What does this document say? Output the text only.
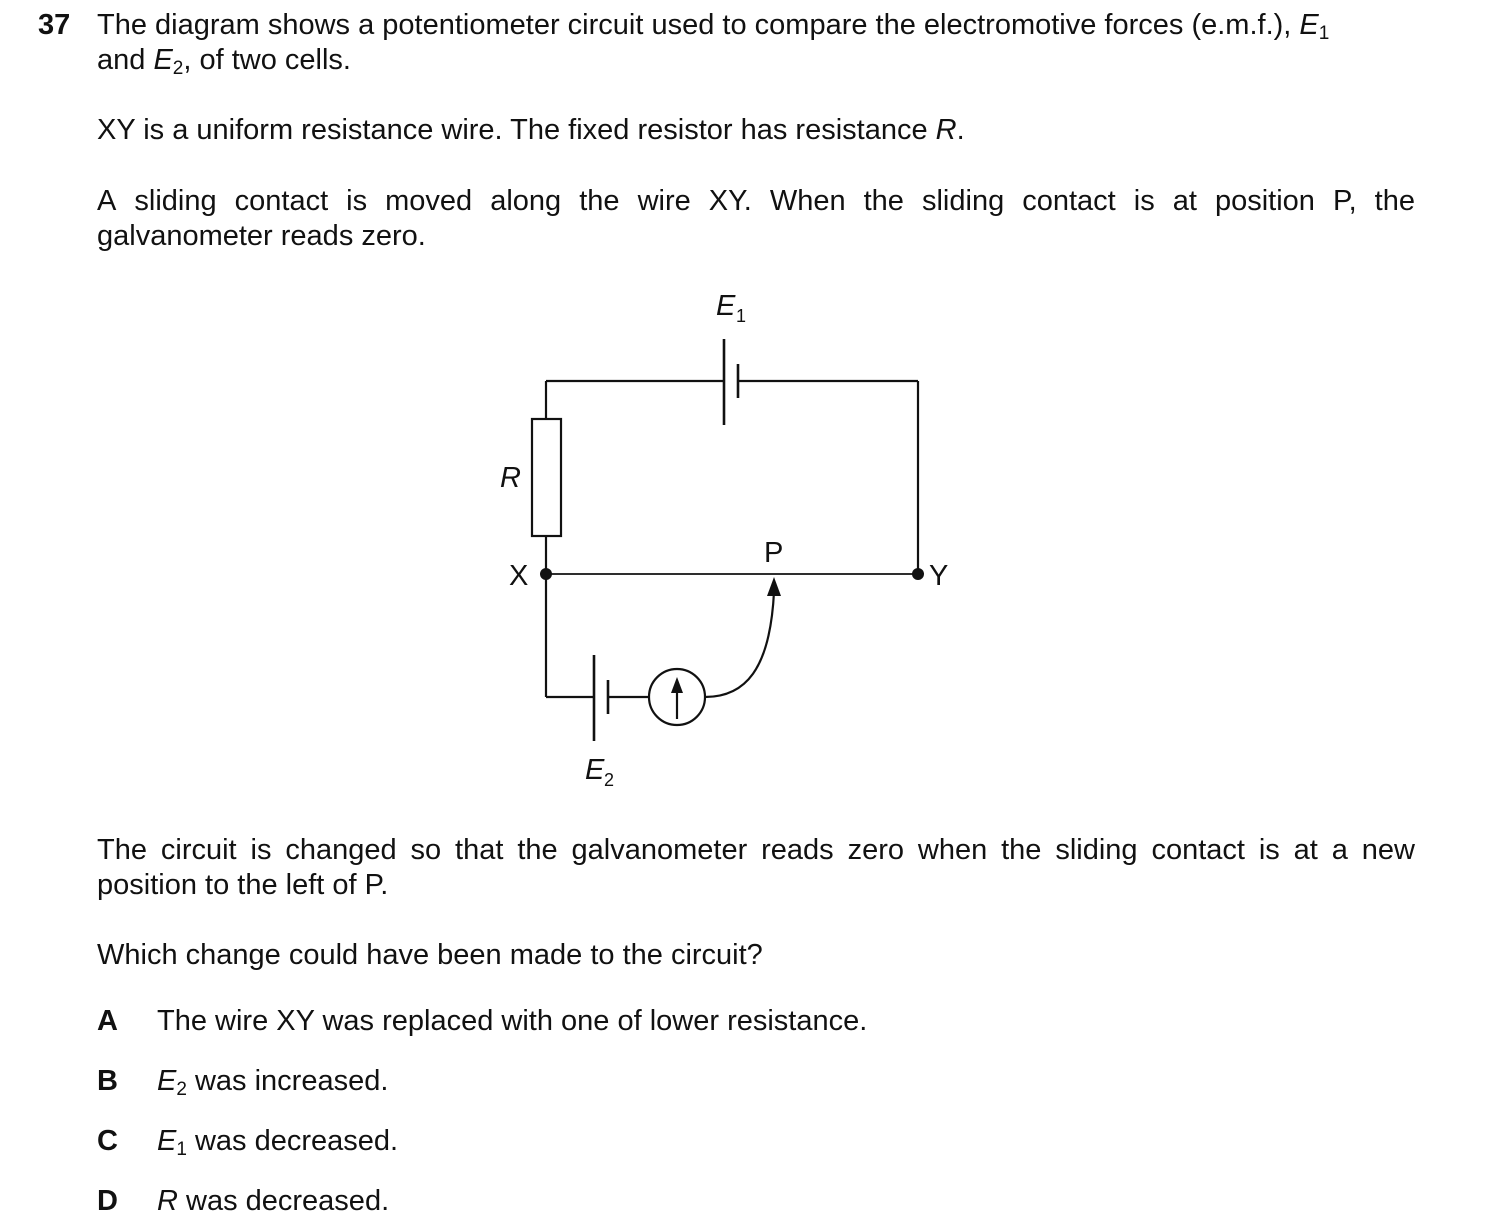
37 The diagram shows a potentiometer circuit used to compare the electromotive forces (e.m.f.), $E_1$
and $E_2$, of two cells.
XY is a uniform resistance wire. The fixed resistor has resistance R.
A sliding contact is moved along the wire XY. When the sliding contact is at position P, the
galvanometer reads zero.
E 1
R
P
X	Y
E 2
The circuit is changed so that the galvanometer reads zero when the sliding contact is at a new
position to the left of P.
Which change could have been made to the circuit?
A The wire XY was replaced with one of lower resistance.
B $E_2$ was increased.
C $E_1$ was decreased.
D R was decreased.
